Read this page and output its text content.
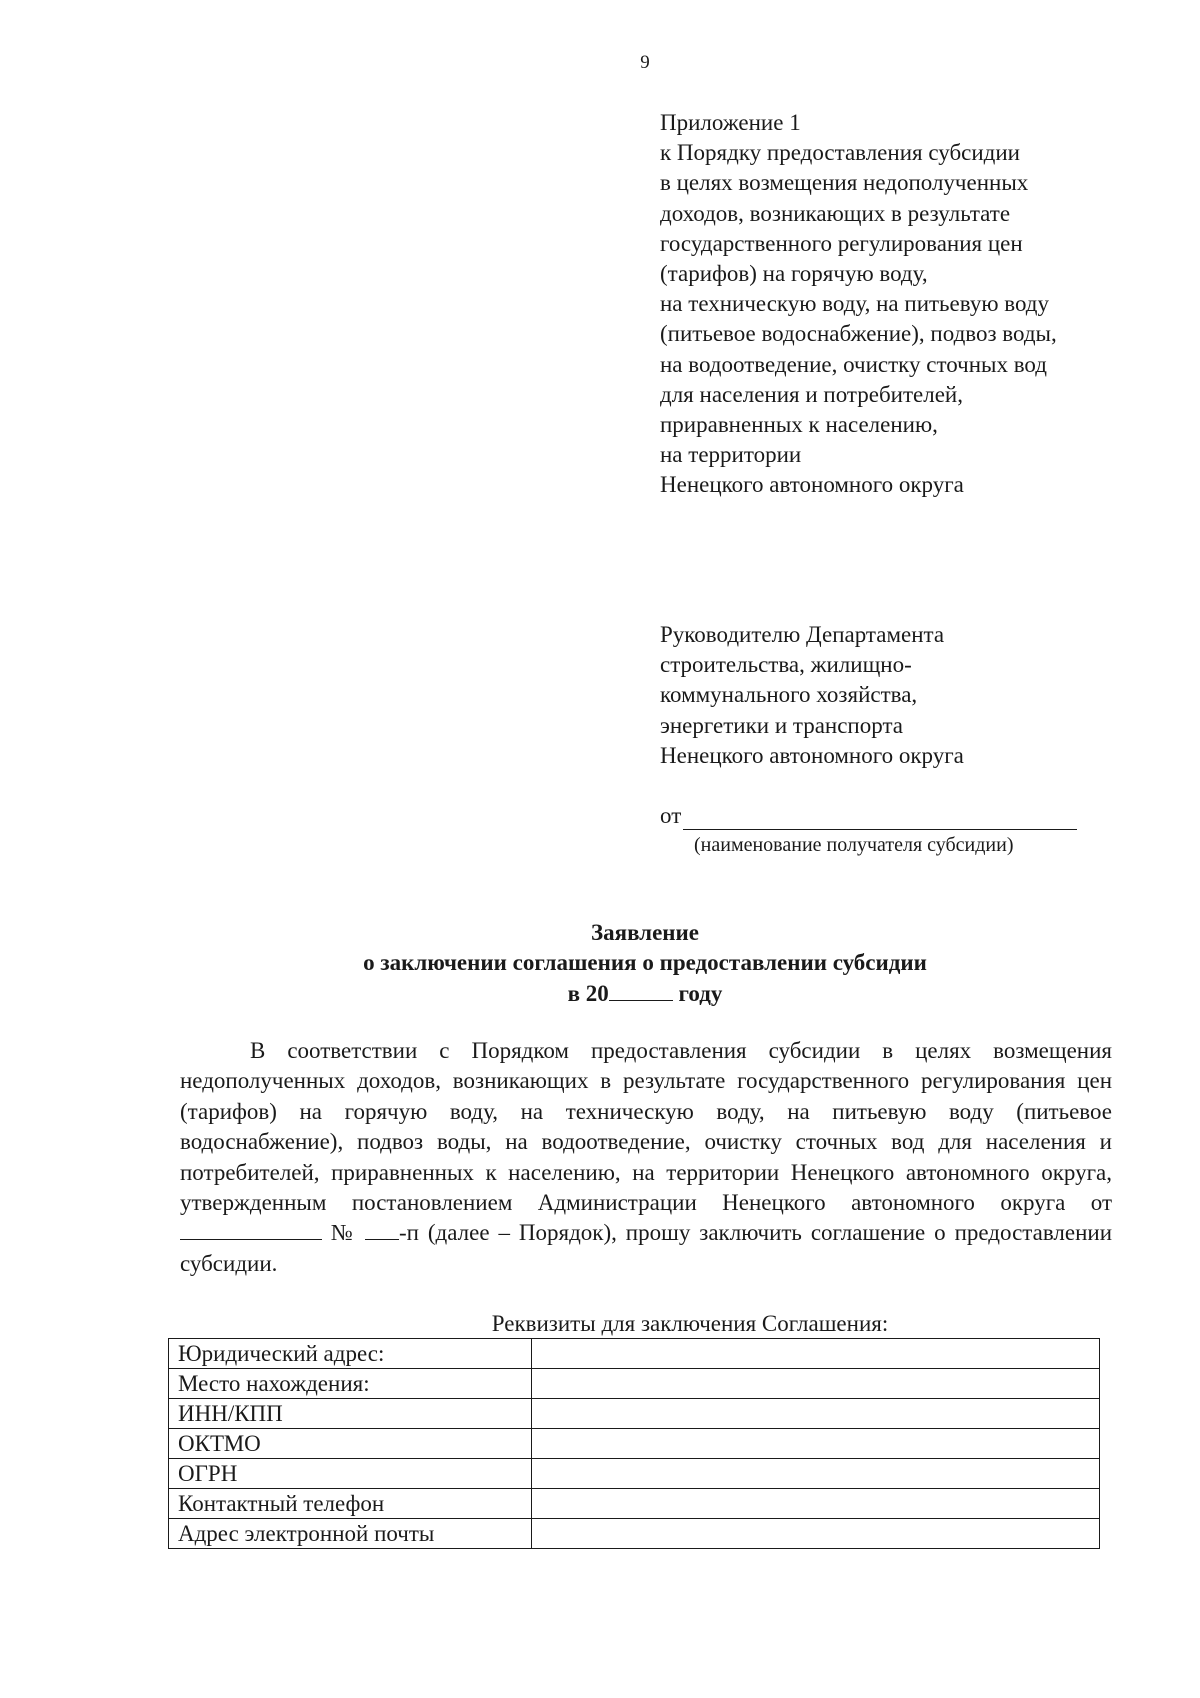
9
Приложение 1
к Порядку предоставления субсидии
в целях возмещения недополученных
доходов, возникающих в результате
государственного регулирования цен
(тарифов) на горячую воду,
на техническую воду, на питьевую воду
(питьевое водоснабжение), подвоз воды,
на водоотведение, очистку сточных вод
для населения и потребителей,
приравненных к населению,
на территории
Ненецкого автономного округа
Руководителю Департамента
строительства, жилищно-
коммунального хозяйства,
энергетики и транспорта
Ненецкого автономного округа
от
(наименование получателя субсидии)
Заявление
о заключении соглашения о предоставлении субсидии
в 20	году

В соответствии с Порядком предоставления субсидии в целях возмещения недополученных доходов, возникающих в результате государственного регулирования цен (тарифов) на горячую воду, на техническую воду, на питьевую воду (питьевое водоснабжение), подвоз воды, на водоотведение, очистку сточных вод для населения и потребителей, приравненных к населению, на территории Ненецкого автономного округа, утвержденным постановлением Администрации Ненецкого автономного округа от  № -п (далее – Порядок), прошу заключить соглашение о предоставлении субсидии.

Реквизиты для заключения Соглашения:
Юридический адрес:	
Место нахождения:	
ИНН/КПП	
ОКТМО	
ОГРН	
Контактный телефон	
Адрес электронной почты	
